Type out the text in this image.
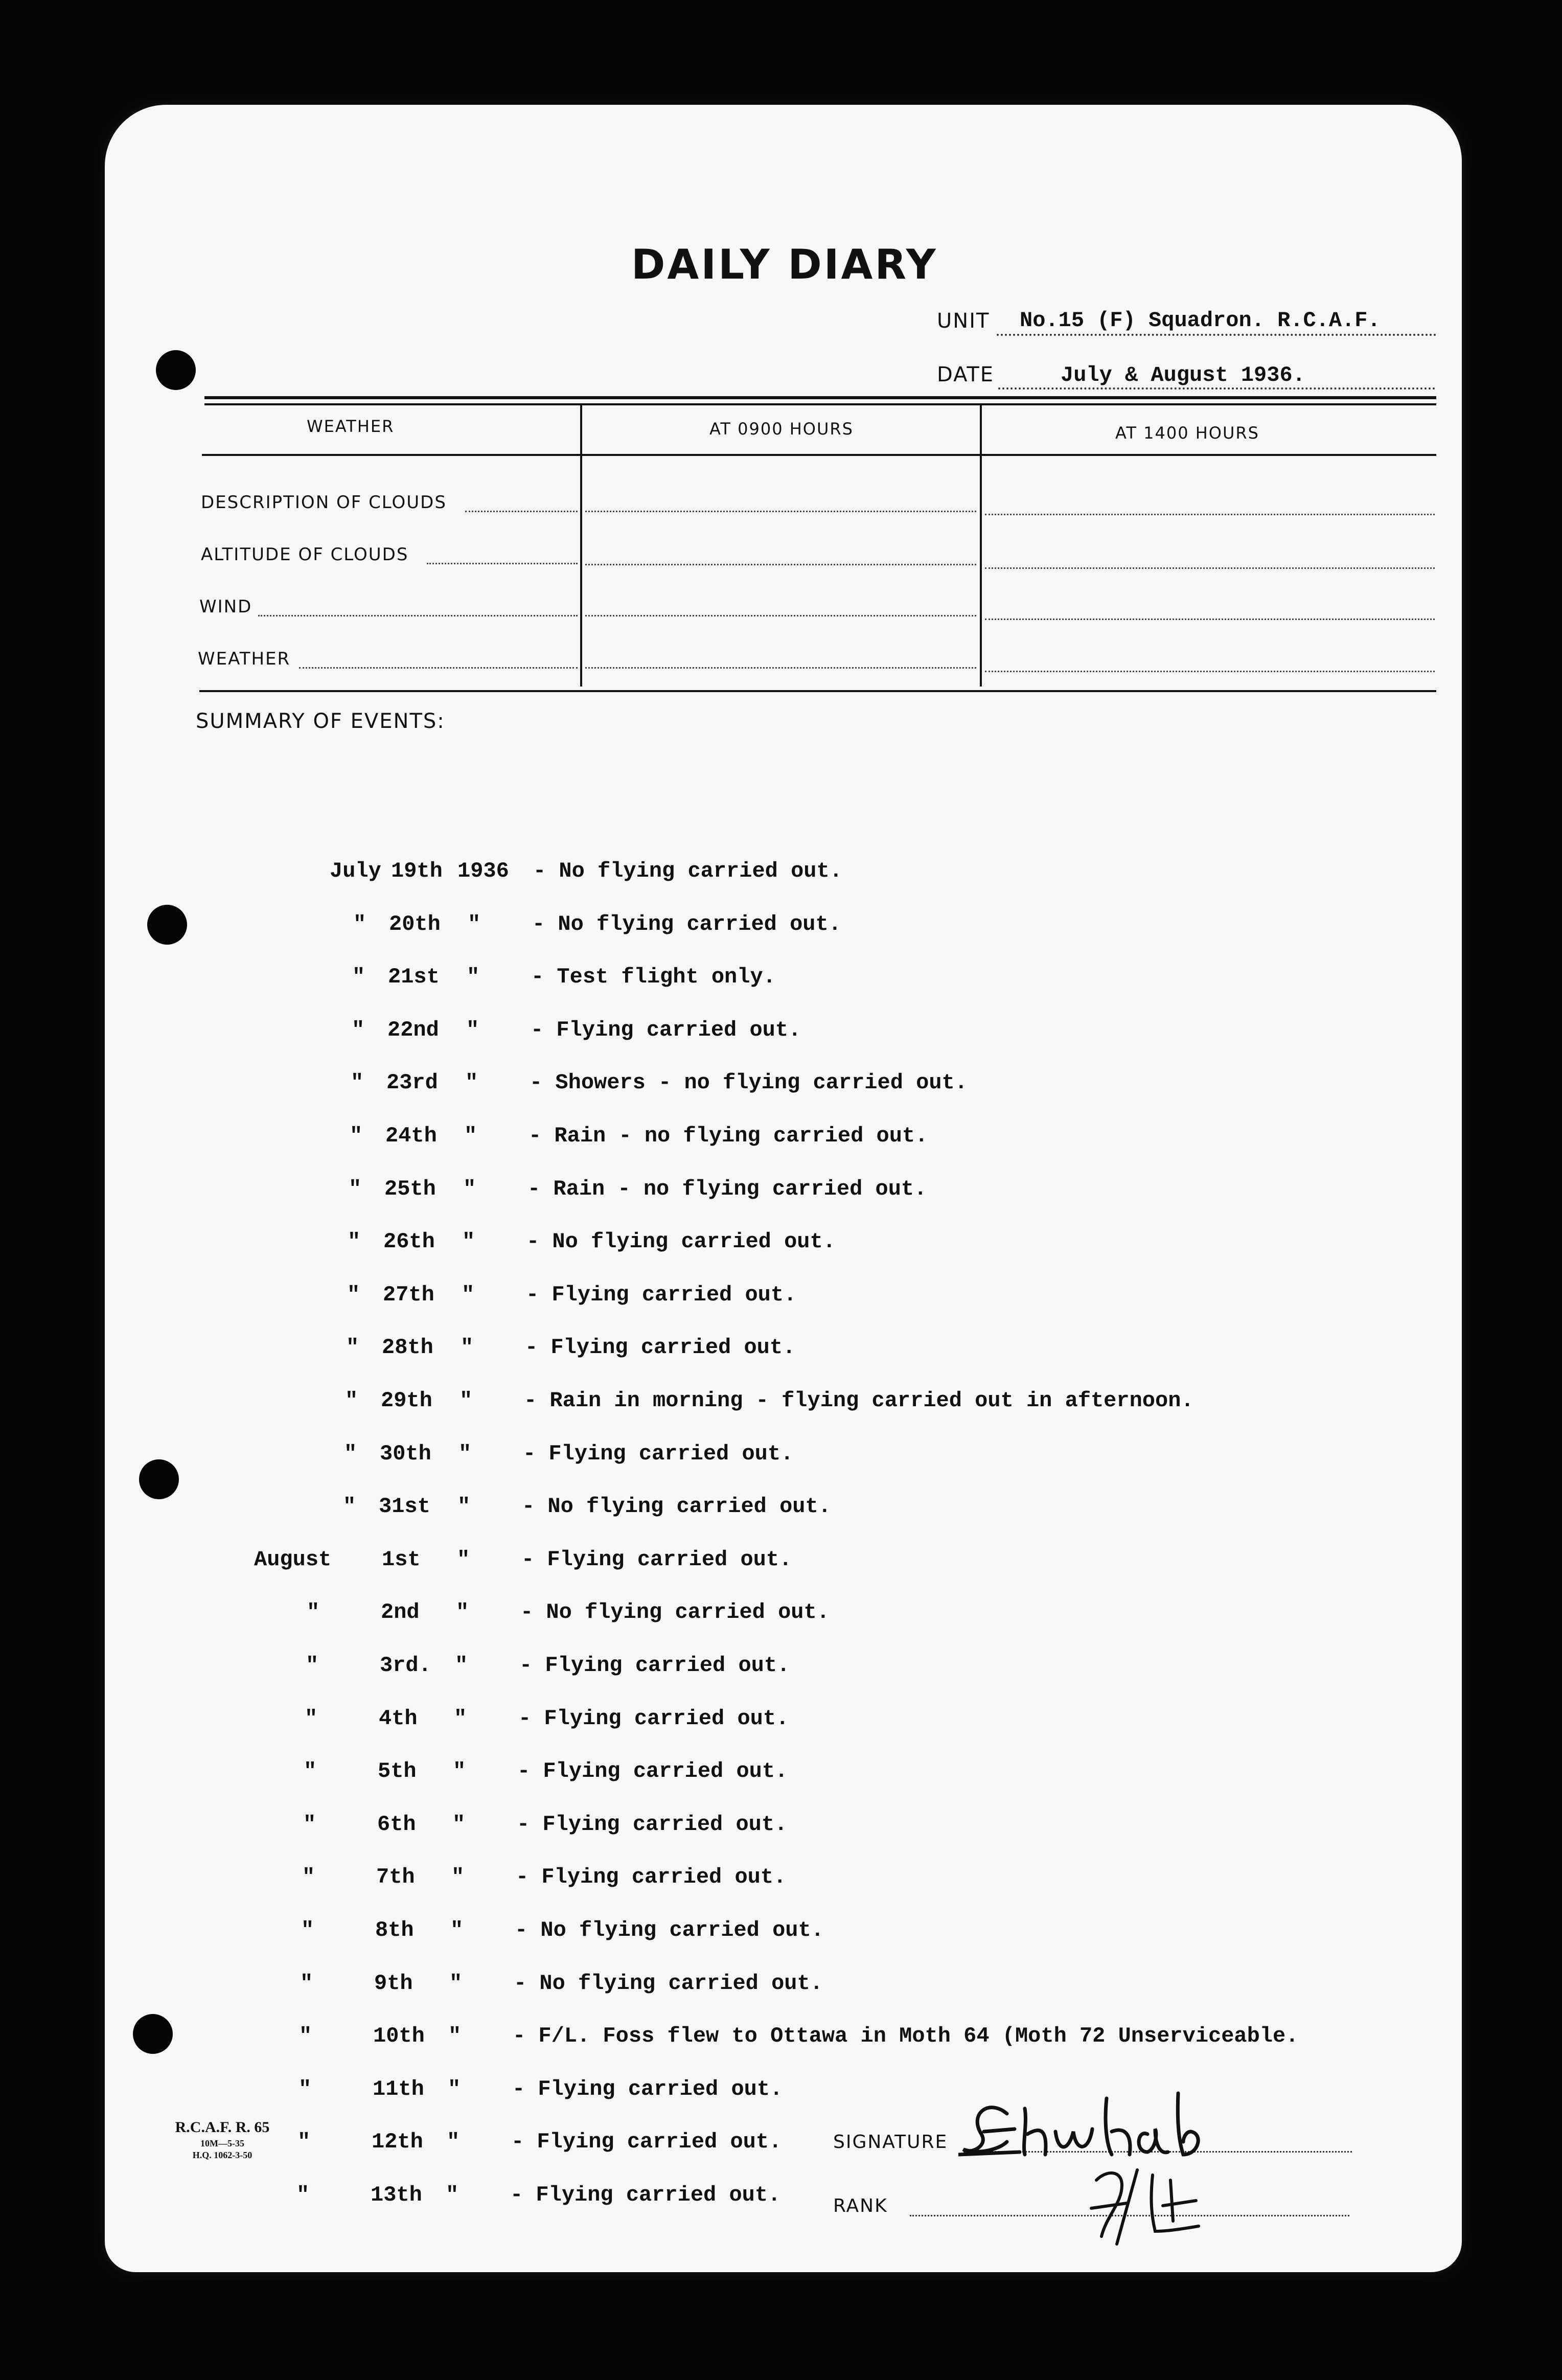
DAILY DIARY
UNIT No.15 (F) Squadron. R.C.A.F.
DATE	July & August 1936.
WEATHER	AT 0900 HOURS	AT 1400 HOURS
DESCRIPTION OF CLOUDS
ALTITUDE OF CLOUDS
WIND
WEATHER
SUMMARY OF EVENTS:
July 19th 1936 - No flying carried out.
" 20th " - No flying carried out.
" 21st " - Test flight only.
" 22nd " - Flying carried out.
" 23rd " - Showers - no flying carried out.
" 24th " - Rain - no flying carried out.
" 25th " - Rain - no flying carried out.
" 26th " - No flying carried out.
" 27th " - Flying carried out.
" 28th " - Flying carried out.
" 29th " - Rain in morning - flying carried out in afternoon.
" 30th " - Flying carried out.
" 31st " - No flying carried out.
August 1st " - Flying carried out.
"	2nd " - No flying carried out.
"	3rd. " - Flying carried out.
"	4th " - Flying carried out.
"	5th " - Flying carried out.
"	6th " - Flying carried out.
"	7th " - Flying carried out.
"	8th " - No flying carried out.
"	9th " - No flying carried out.
"	10th " - F/L. Foss flew to Ottawa in Moth 64 (Moth 72 Unserviceable.
"	11th " - Flying carried out.
"	12th " - Flying carried out.
"	13th " - Flying carried out.
R.C.A.F. R. 65
10M—5-35
H.Q. 1062-3-50
SIGNATURE
RANK
